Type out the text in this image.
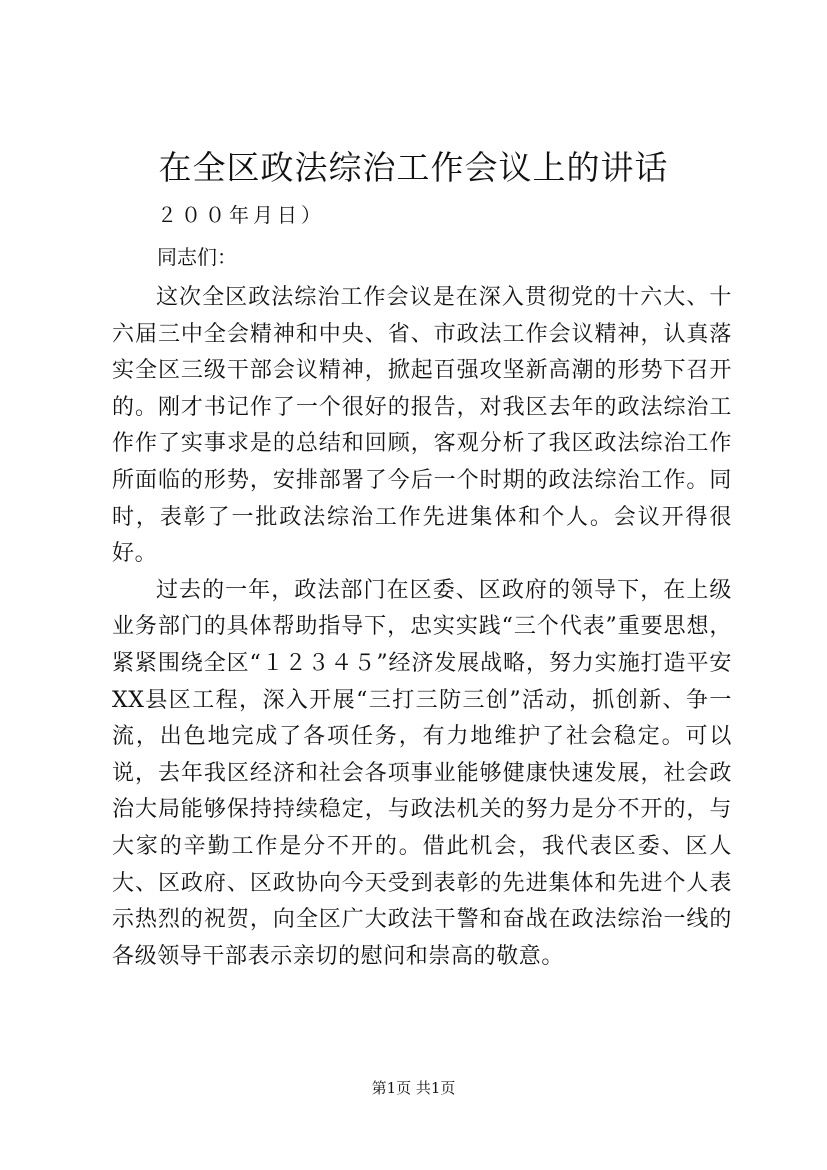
在全区政法综治工作会议上的讲话

２００年月日）

同志们：

这次全区政法综治工作会议是在深入贯彻党的十六大、十六届三中全会精神和中央、省、市政法工作会议精神，认真落实全区三级干部会议精神，掀起百强攻坚新高潮的形势下召开的。刚才书记作了一个很好的报告，对我区去年的政法综治工作作了实事求是的总结和回顾，客观分析了我区政法综治工作所面临的形势，安排部署了今后一个时期的政法综治工作。同时，表彰了一批政法综治工作先进集体和个人。会议开得很好。

过去的一年，政法部门在区委、区政府的领导下，在上级业务部门的具体帮助指导下，忠实实践“三个代表”重要思想，紧紧围绕全区“１２３４５”经济发展战略，努力实施打造平安XX县区工程，深入开展“三打三防三创”活动，抓创新、争一流，出色地完成了各项任务，有力地维护了社会稳定。可以说，去年我区经济和社会各项事业能够健康快速发展，社会政治大局能够保持持续稳定，与政法机关的努力是分不开的，与大家的辛勤工作是分不开的。借此机会，我代表区委、区人大、区政府、区政协向今天受到表彰的先进集体和先进个人表示热烈的祝贺，向全区广大政法干警和奋战在政法综治一线的各级领导干部表示亲切的慰问和崇高的敬意。

第1页 共1页
